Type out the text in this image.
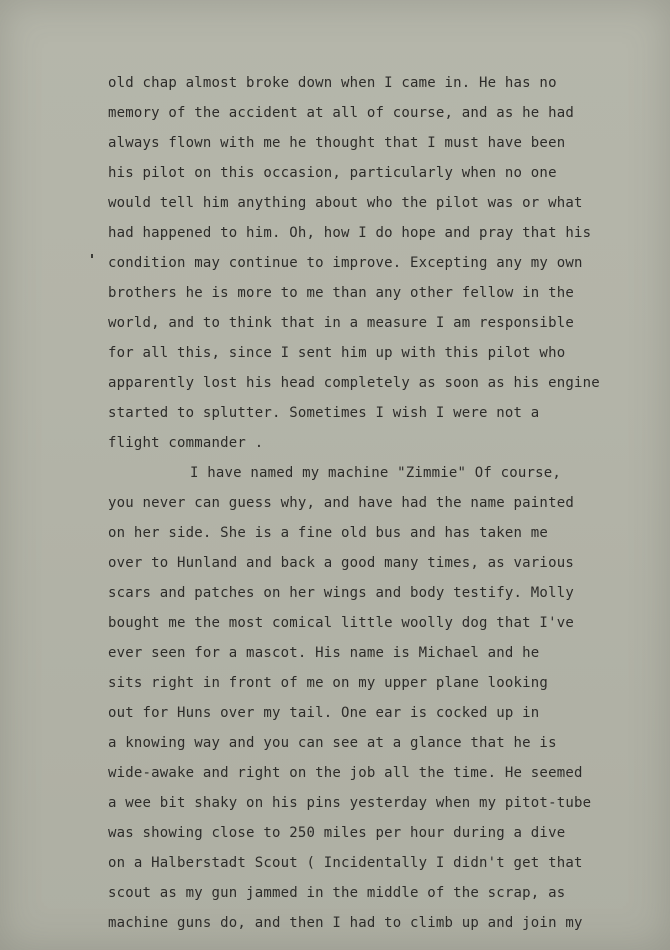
old chap almost broke down when I came in. He has no
memory of the accident at all of course, and as he had
always flown with me he thought that I must have been
his pilot on this occasion, particularly when no one
would tell him anything about who the pilot was or what
had happened to him. Oh, how I do hope and pray that his
condition may continue to improve. Excepting any my own
brothers he is more to me than any other fellow in the
world, and to think that in a measure I am responsible
for all this, since I sent him up with this pilot who
apparently lost his head completely as soon as his engine
started to splutter. Sometimes I wish I were not a
flight commander .
I have named my machine "Zimmie" Of course,
you never can guess why, and have had the name painted
on her side. She is a fine old bus and has taken me
over to Hunland and back a good many times, as various
scars and patches on her wings and body testify. Molly
bought me the most comical little woolly dog that I've
ever seen for a mascot. His name is Michael and he
sits right in front of me on my upper plane looking
out for Huns over my tail. One ear is cocked up in
a knowing way and you can see at a glance that he is
wide-awake and right on the job all the time. He seemed
a wee bit shaky on his pins yesterday when my pitot-tube
was showing close to 250 miles per hour during a dive
on a Halberstadt Scout ( Incidentally I didn't get that
scout as my gun jammed in the middle of the scrap, as
machine guns do, and then I had to climb up and join my
